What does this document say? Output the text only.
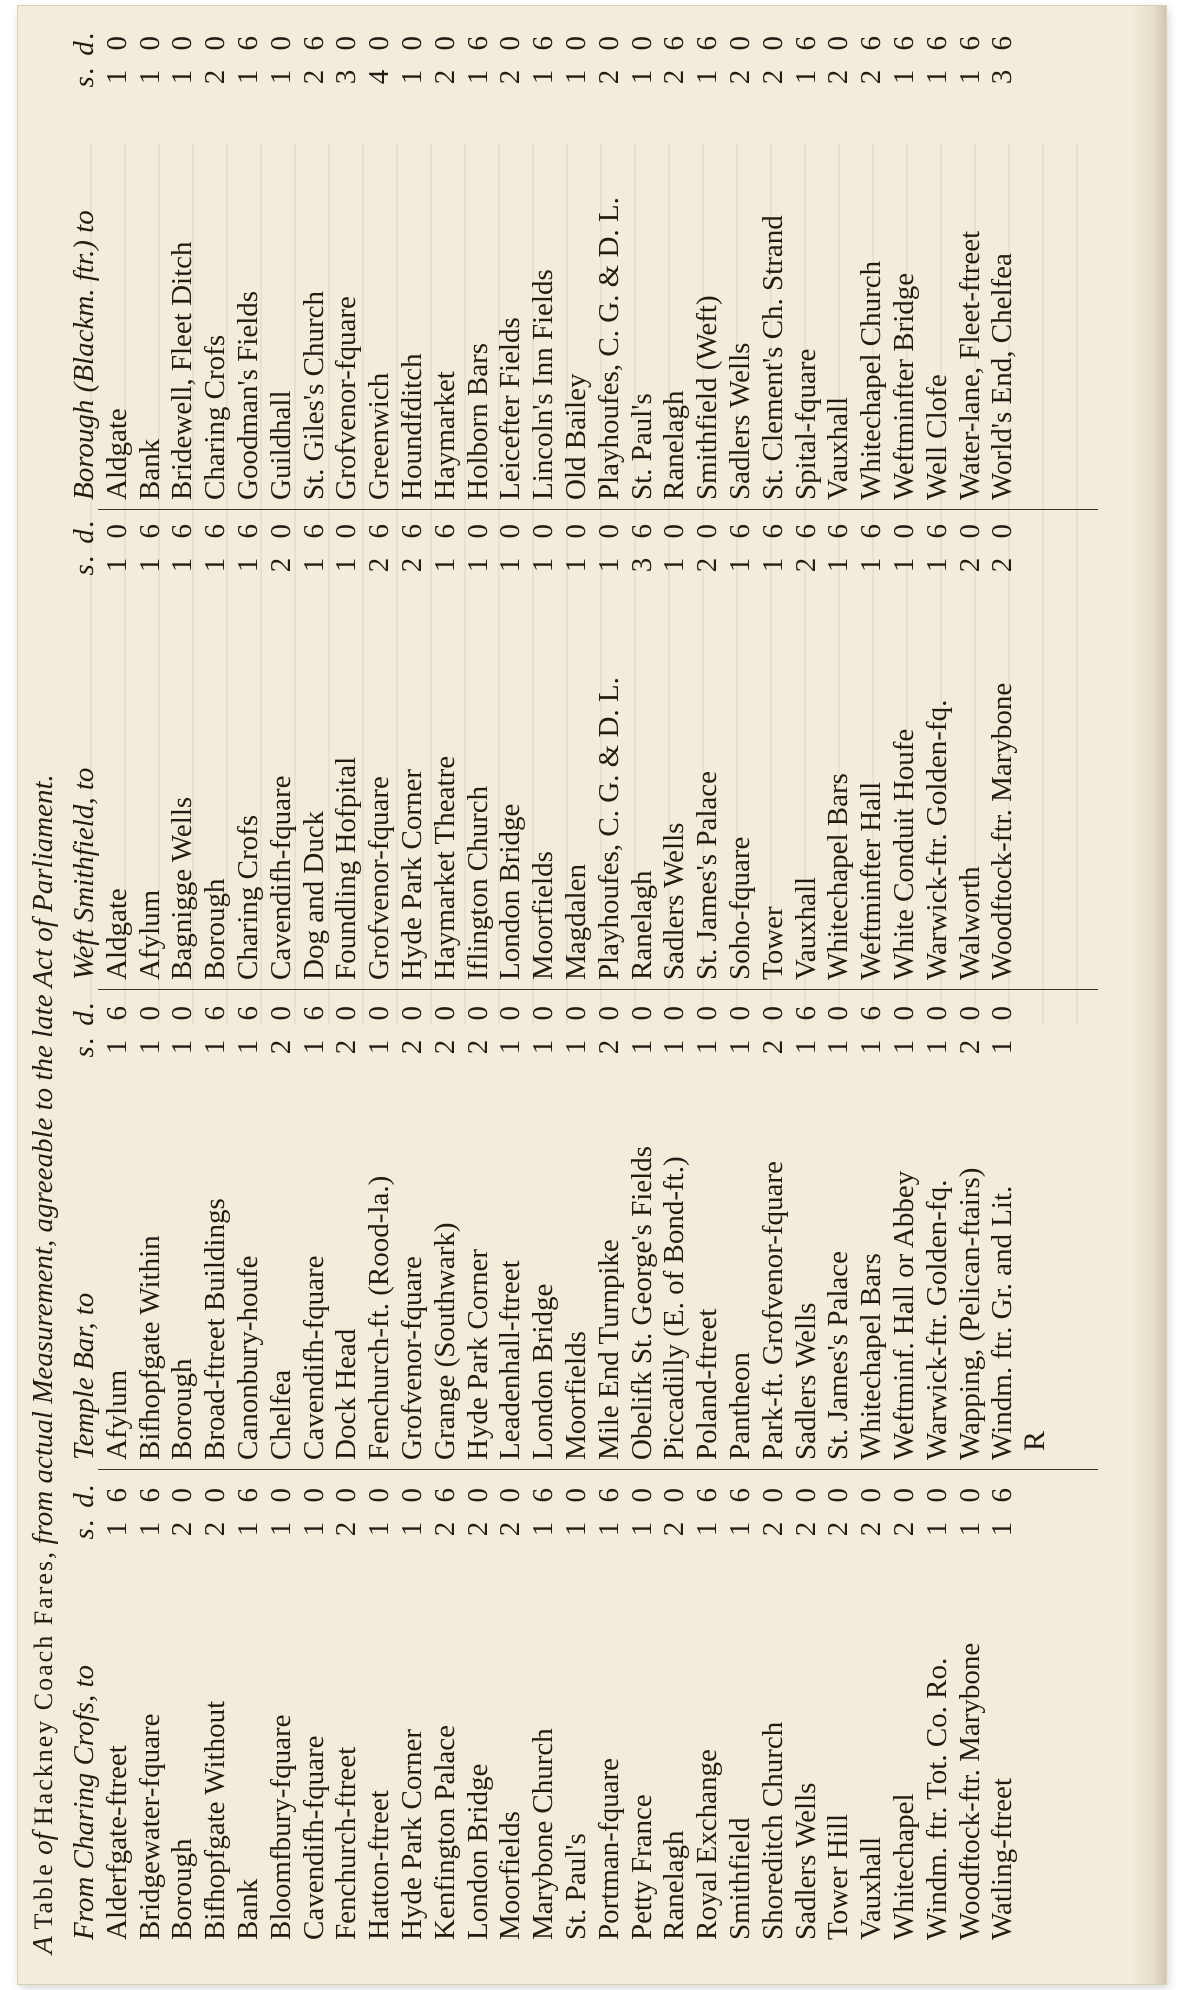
A Table of Hackney Coach Fares, from actual Measurement, agreeable to the late Act of Parliament.
From Charing Crofs, to
s. d.
Alderfgate-ftreet
1 6
Bridgewater-fquare
1 6
Borough
2 0
Bifhopfgate Without
2 0
Bank
1 6
Bloomfbury-fquare
1 0
Cavendifh-fquare
1 0
Fenchurch-ftreet
2 0
Hatton-ftreet
1 0
Hyde Park Corner
1 0
Kenfington Palace
2 6
London Bridge
2 0
Moorfields
2 0
Marybone Church
1 6
St. Paul's
1 0
Portman-fquare
1 6
Petty France
1 0
Ranelagh
2 0
Royal Exchange
1 6
Smithfield
1 6
Shoreditch Church
2 0
Sadlers Wells
2 0
Tower Hill
2 0
Vauxhall
2 0
Whitechapel
2 0
Windm. ftr. Tot. Co. Ro.
1 0
Woodftock-ftr. Marybone
1 0
Watling-ftreet
1 6
Temple Bar, to
s. d.
Afylum
1 6
Bifhopfgate Within
1 0
Borough
1 0
Broad-ftreet Buildings
1 6
Canonbury-houfe
1 6
Chelfea
2 0
Cavendifh-fquare
1 6
Dock Head
2 0
Fenchurch-ft. (Rood-la.)
1 0
Grofvenor-fquare
2 0
Grange (Southwark)
2 0
Hyde Park Corner
2 0
Leadenhall-ftreet
1 0
London Bridge
1 0
Moorfields
1 0
Mile End Turnpike
2 0
Obelifk St. George's Fields
1 0
Piccadilly (E. of Bond-ft.)
1 0
Poland-ftreet
1 0
Pantheon
1 0
Park-ft. Grofvenor-fquare
2 0
Sadlers Wells
1 6
St. James's Palace
1 0
Whitechapel Bars
1 6
Weftminf. Hall or Abbey
1 0
Warwick-ftr. Golden-fq.
1 0
Wapping, (Pelican-ftairs)
2 0
Windm. ftr. Gr. and Lit.
1 0
Weft Smithfield, to
s. d.
Aldgate
1 0
Afylum
1 6
Bagnigge Wells
1 6
Borough
1 6
Charing Crofs
1 6
Cavendifh-fquare
2 0
Dog and Duck
1 6
Foundling Hofpital
1 0
Grofvenor-fquare
2 6
Hyde Park Corner
2 6
Haymarket Theatre
1 6
Iflington Church
1 0
London Bridge
1 0
Moorfields
1 0
Magdalen
1 0
Playhoufes, C. G. & D. L.
1 0
Ranelagh
3 6
Sadlers Wells
1 0
St. James's Palace
2 0
Soho-fquare
1 6
Tower
1 6
Vauxhall
2 6
Whitechapel Bars
1 6
Weftminfter Hall
1 6
White Conduit Houfe
1 0
Warwick-ftr. Golden-fq.
1 6
Walworth
2 0
Woodftock-ftr. Marybone
2 0
Borough (Blackm. ftr.) to
s. d.
Aldgate
1 0
Bank
1 0
Bridewell, Fleet Ditch
1 0
Charing Crofs
2 0
Goodman's Fields
1 6
Guildhall
1 0
St. Giles's Church
2 6
Grofvenor-fquare
3 0
Greenwich
4 0
Houndfditch
1 0
Haymarket
2 0
Holborn Bars
1 6
Leicefter Fields
2 0
Lincoln's Inn Fields
1 6
Old Bailey
1 0
Playhoufes, C. G. & D. L.
2 0
St. Paul's
1 0
Ranelagh
2 6
Smithfield (Weft)
1 6
Sadlers Wells
2 0
St. Clement's Ch. Strand
2 0
Spital-fquare
1 6
Vauxhall
2 0
Whitechapel Church
2 6
Weftminfter Bridge
1 6
Well Clofe
1 6
Water-lane, Fleet-ftreet
1 6
World's End, Chelfea
3 6
R
